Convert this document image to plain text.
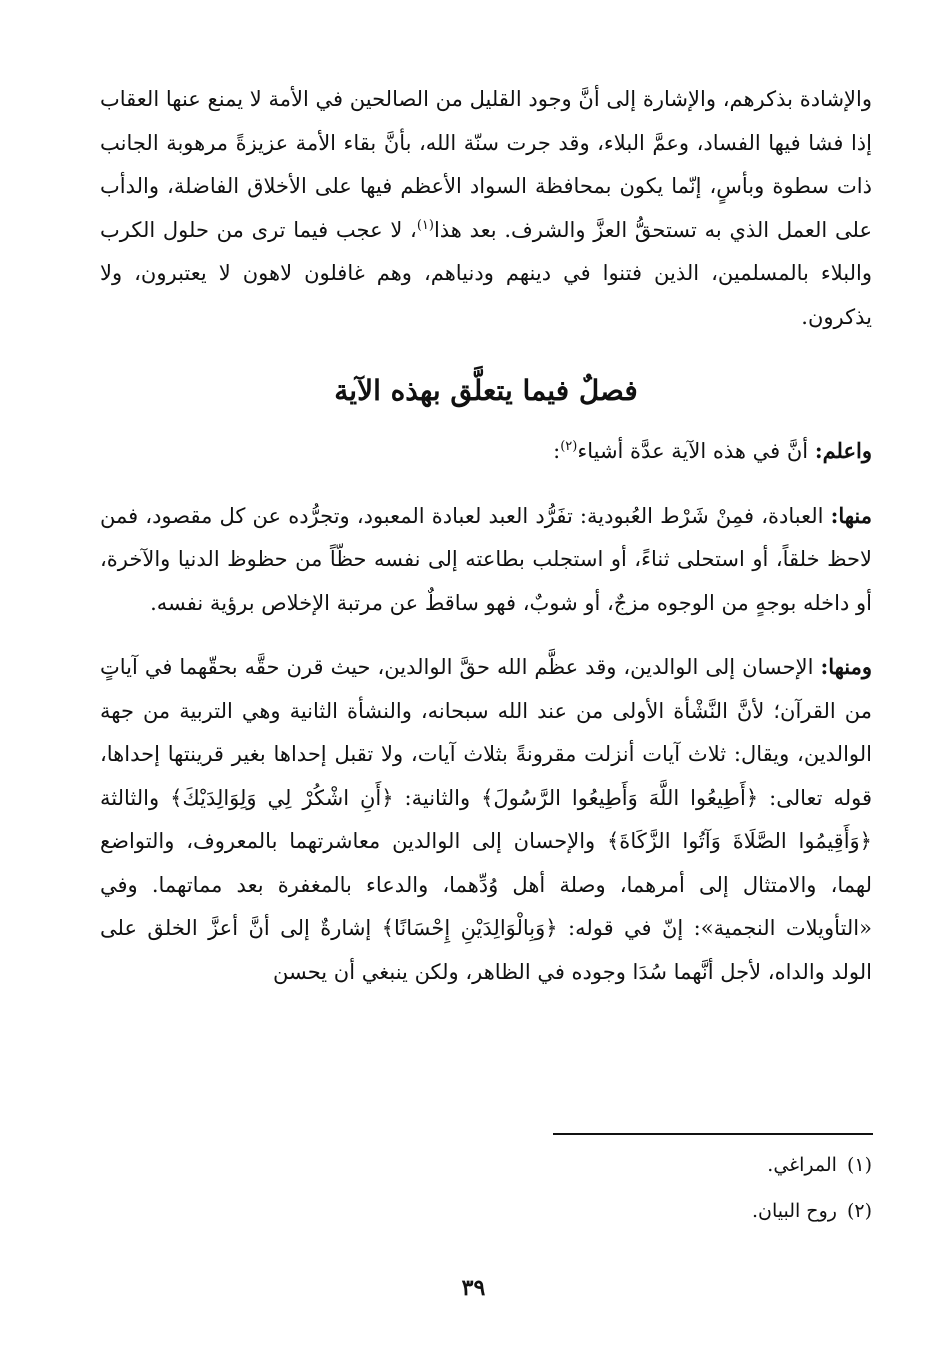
والإشادة بذكرهم، والإشارة إلى أنَّ وجود القليل من الصالحين في الأمة لا يمنع عنها العقاب إذا فشا فيها الفساد، وعمَّ البلاء، وقد جرت سنّة الله، بأنَّ بقاء الأمة عزيزةً مرهوبة الجانب ذات سطوة وبأسٍ، إنّما يكون بمحافظة السواد الأعظم فيها على الأخلاق الفاضلة، والدأب على العمل الذي به تستحقُّ العزَّ والشرف. بعد هذا$^{(١)}$، لا عجب فيما ترى من حلول الكرب والبلاء بالمسلمين، الذين فتنوا في دينهم ودنياهم، وهم غافلون لاهون لا يعتبرون، ولا يذكرون.

فصلٌ فيما يتعلَّق بهذه الآية

واعلم: أنَّ في هذه الآية عدَّة أشياء$^{(٢)}$:

منها: العبادة، فمِنْ شَرْط العُبودية: تفَرُّد العبد لعبادة المعبود، وتجرُّده عن كل مقصود، فمن لاحظ خلقاً، أو استحلى ثناءً، أو استجلب بطاعته إلى نفسه حظّاً من حظوظ الدنيا والآخرة، أو داخله بوجهٍ من الوجوه مزجٌ، أو شوبٌ، فهو ساقطٌ عن مرتبة الإخلاص برؤية نفسه.

ومنها: الإحسان إلى الوالدين، وقد عظَّم الله حقَّ الوالدين، حيث قرن حقَّه بحقّهما في آياتٍ من القرآن؛ لأنَّ النَّشْأة الأولى من عند الله سبحانه، والنشأة الثانية وهي التربية من جهة الوالدين، ويقال: ثلاث آيات أنزلت مقرونةً بثلاث آيات، ولا تقبل إحداها بغير قرينتها إحداها، قوله تعالى: ﴿أَطِيعُوا اللَّهَ وَأَطِيعُوا الرَّسُولَ﴾ والثانية: ﴿أَنِ اشْكُرْ لِي وَلِوَالِدَيْكَ﴾ والثالثة ﴿وَأَقِيمُوا الصَّلَاةَ وَآتُوا الزَّكَاةَ﴾ والإحسان إلى الوالدين معاشرتهما بالمعروف، والتواضع لهما، والامتثال إلى أمرهما، وصلة أهل وُدِّهما، والدعاء بالمغفرة بعد مماتهما. وفي «التأويلات النجمية»: إنّ في قوله: ﴿وَبِالْوَالِدَيْنِ إِحْسَانًا﴾ إشارةٌ إلى أنَّ أعزَّ الخلق على الولد والداه، لأجل أنَّهما سُدَا وجوده في الظاهر، ولكن ينبغي أن يحسن

(١)المراغي.

(٢)روح البيان.

٣٩
